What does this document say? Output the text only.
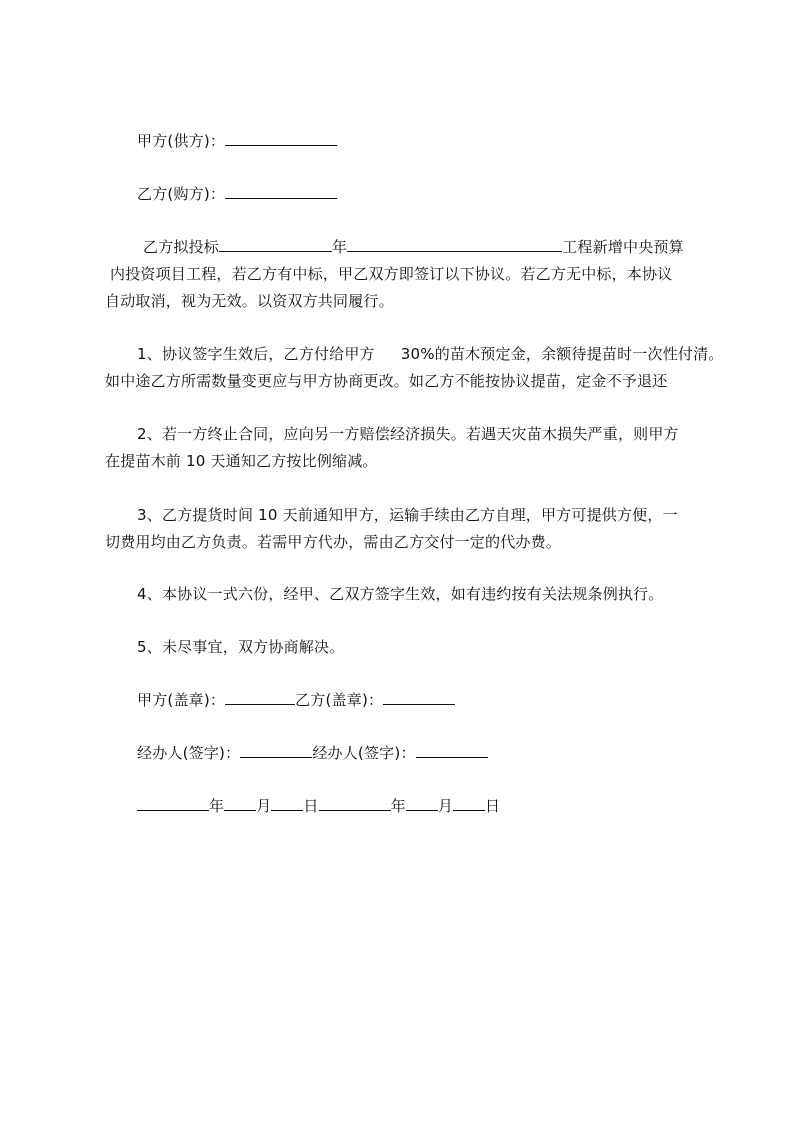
甲方(供方)：
乙方(购方)：
乙方拟投标	年	工程新增中央预算
内投资项目工程，若乙方有中标，甲乙双方即签订以下协议。若乙方无中标，本协议
自动取消，视为无效。以资双方共同履行。
1、协议签字生效后，乙方付给甲方 30%的苗木预定金，余额待提苗时一次性付清。
如中途乙方所需数量变更应与甲方协商更改。如乙方不能按协议提苗，定金不予退还
2、若一方终止合同，应向另一方赔偿经济损失。若遇天灾苗木损失严重，则甲方
在提苗木前 10 天通知乙方按比例缩减。
3、乙方提货时间 10 天前通知甲方，运输手续由乙方自理，甲方可提供方便，一
切费用均由乙方负责。若需甲方代办，需由乙方交付一定的代办费。
4、本协议一式六份，经甲、乙双方签字生效，如有违约按有关法规条例执行。
5、未尽事宜，双方协商解决。
甲方(盖章)：	乙方(盖章)：
经办人(签字)：	经办人(签字)：
年 月 日	年 月 日
